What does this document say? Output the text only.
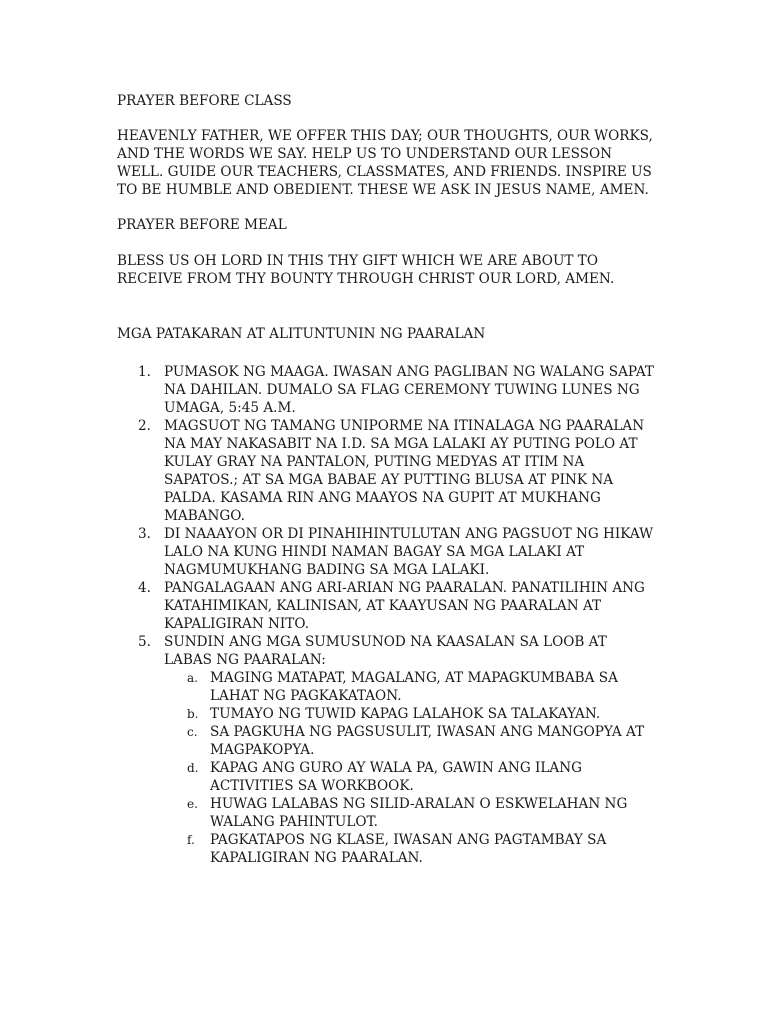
PRAYER BEFORE CLASS

HEAVENLY FATHER, WE OFFER THIS DAY; OUR THOUGHTS, OUR WORKS, AND THE WORDS WE SAY. HELP US TO UNDERSTAND OUR LESSON WELL. GUIDE OUR TEACHERS, CLASSMATES, AND FRIENDS. INSPIRE US TO BE HUMBLE AND OBEDIENT. THESE WE ASK IN JESUS NAME, AMEN.

PRAYER BEFORE MEAL

BLESS US OH LORD IN THIS THY GIFT WHICH WE ARE ABOUT TO RECEIVE FROM THY BOUNTY THROUGH CHRIST OUR LORD, AMEN.

MGA PATAKARAN AT ALITUNTUNIN NG PAARALAN

1. PUMASOK NG MAAGA. IWASAN ANG PAGLIBAN NG WALANG SAPAT NA DAHILAN. DUMALO SA FLAG CEREMONY TUWING LUNES NG UMAGA, 5:45 A.M.
2. MAGSUOT NG TAMANG UNIPORME NA ITINALAGA NG PAARALAN NA MAY NAKASABIT NA I.D. SA MGA LALAKI AY PUTING POLO AT KULAY GRAY NA PANTALON, PUTING MEDYAS AT ITIM NA SAPATOS.; AT SA MGA BABAE AY PUTTING BLUSA AT PINK NA PALDA. KASAMA RIN ANG MAAYOS NA GUPIT AT MUKHANG MABANGO.
3. DI NAAAYON OR DI PINAHIHINTULUTAN ANG PAGSUOT NG HIKAW LALO NA KUNG HINDI NAMAN BAGAY SA MGA LALAKI AT NAGMUMUKHANG BADING SA MGA LALAKI.
4. PANGALAGAAN ANG ARI-ARIAN NG PAARALAN. PANATILIHIN ANG KATAHIMIKAN, KALINISAN, AT KAAYUSAN NG PAARALAN AT KAPALIGIRAN NITO.
5. SUNDIN ANG MGA SUMUSUNOD NA KAASALAN SA LOOB AT LABAS NG PAARALAN:
a. MAGING MATAPAT, MAGALANG, AT MAPAGKUMBABA SA LAHAT NG PAGKAKATAON.
b. TUMAYO NG TUWID KAPAG LALAHOK SA TALAKAYAN.
c. SA PAGKUHA NG PAGSUSULIT, IWASAN ANG MANGOPYA AT MAGPAKOPYA.
d. KAPAG ANG GURO AY WALA PA, GAWIN ANG ILANG ACTIVITIES SA WORKBOOK.
e. HUWAG LALABAS NG SILID-ARALAN O ESKWELAHAN NG WALANG PAHINTULOT.
f. PAGKATAPOS NG KLASE, IWASAN ANG PAGTAMBAY SA KAPALIGIRAN NG PAARALAN.
